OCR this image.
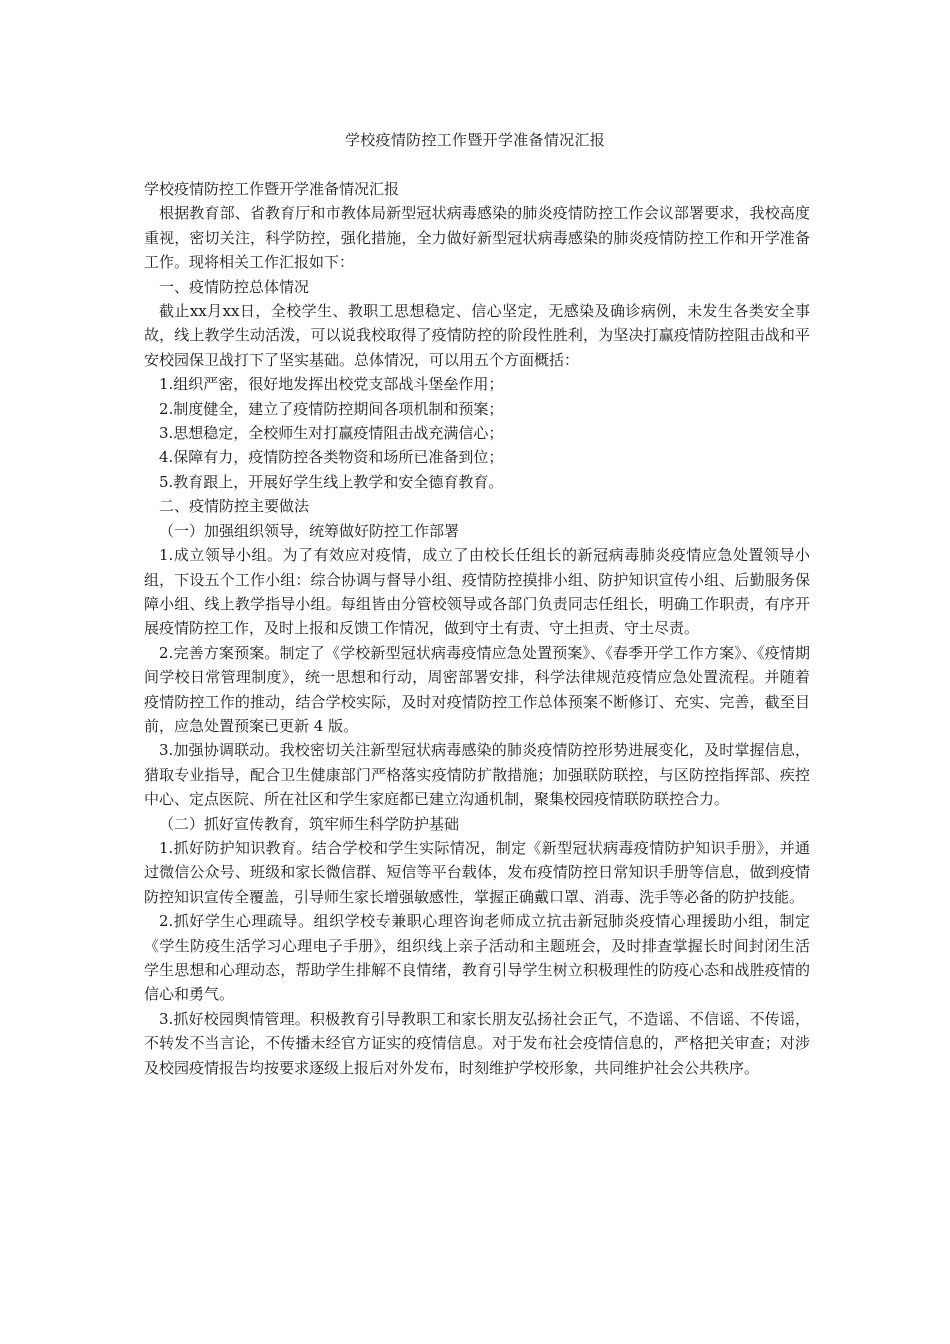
学校疫情防控工作暨开学准备情况汇报

学校疫情防控工作暨开学准备情况汇报

根据教育部、省教育厅和市教体局新型冠状病毒感染的肺炎疫情防控工作会议部署要求，我校高度重视，密切关注，科学防控，强化措施，全力做好新型冠状病毒感染的肺炎疫情防控工作和开学准备工作。现将相关工作汇报如下：

一、疫情防控总体情况

截止xx月xx日，全校学生、教职工思想稳定、信心坚定，无感染及确诊病例，未发生各类安全事故，线上教学生动活泼，可以说我校取得了疫情防控的阶段性胜利，为坚决打赢疫情防控阻击战和平安校园保卫战打下了坚实基础。总体情况，可以用五个方面概括：

1.组织严密，很好地发挥出校党支部战斗堡垒作用；

2.制度健全，建立了疫情防控期间各项机制和预案；

3.思想稳定，全校师生对打赢疫情阻击战充满信心；

4.保障有力，疫情防控各类物资和场所已准备到位；

5.教育跟上，开展好学生线上教学和安全德育教育。

二、疫情防控主要做法

（一）加强组织领导，统筹做好防控工作部署

1.成立领导小组。为了有效应对疫情，成立了由校长任组长的新冠病毒肺炎疫情应急处置领导小组，下设五个工作小组：综合协调与督导小组、疫情防控摸排小组、防护知识宣传小组、后勤服务保障小组、线上教学指导小组。每组皆由分管校领导或各部门负责同志任组长，明确工作职责，有序开展疫情防控工作，及时上报和反馈工作情况，做到守土有责、守土担责、守土尽责。

2.完善方案预案。制定了《学校新型冠状病毒疫情应急处置预案》、《春季开学工作方案》、《疫情期间学校日常管理制度》，统一思想和行动，周密部署安排，科学法律规范疫情应急处置流程。并随着疫情防控工作的推动，结合学校实际，及时对疫情防控工作总体预案不断修订、充实、完善，截至目前，应急处置预案已更新 4 版。

3.加强协调联动。我校密切关注新型冠状病毒感染的肺炎疫情防控形势进展变化，及时掌握信息，猎取专业指导，配合卫生健康部门严格落实疫情防扩散措施；加强联防联控，与区防控指挥部、疾控中心、定点医院、所在社区和学生家庭都已建立沟通机制，聚集校园疫情联防联控合力。

（二）抓好宣传教育，筑牢师生科学防护基础

1.抓好防护知识教育。结合学校和学生实际情况，制定《新型冠状病毒疫情防护知识手册》，并通过微信公众号、班级和家长微信群、短信等平台载体，发布疫情防控日常知识手册等信息，做到疫情防控知识宣传全覆盖，引导师生家长增强敏感性，掌握正确戴口罩、消毒、洗手等必备的防护技能。

2.抓好学生心理疏导。组织学校专兼职心理咨询老师成立抗击新冠肺炎疫情心理援助小组，制定《学生防疫生活学习心理电子手册》，组织线上亲子活动和主题班会，及时排查掌握长时间封闭生活学生思想和心理动态，帮助学生排解不良情绪，教育引导学生树立积极理性的防疫心态和战胜疫情的信心和勇气。

3.抓好校园舆情管理。积极教育引导教职工和家长朋友弘扬社会正气，不造谣、不信谣、不传谣，不转发不当言论，不传播未经官方证实的疫情信息。对于发布社会疫情信息的，严格把关审查；对涉及校园疫情报告均按要求逐级上报后对外发布，时刻维护学校形象，共同维护社会公共秩序。
